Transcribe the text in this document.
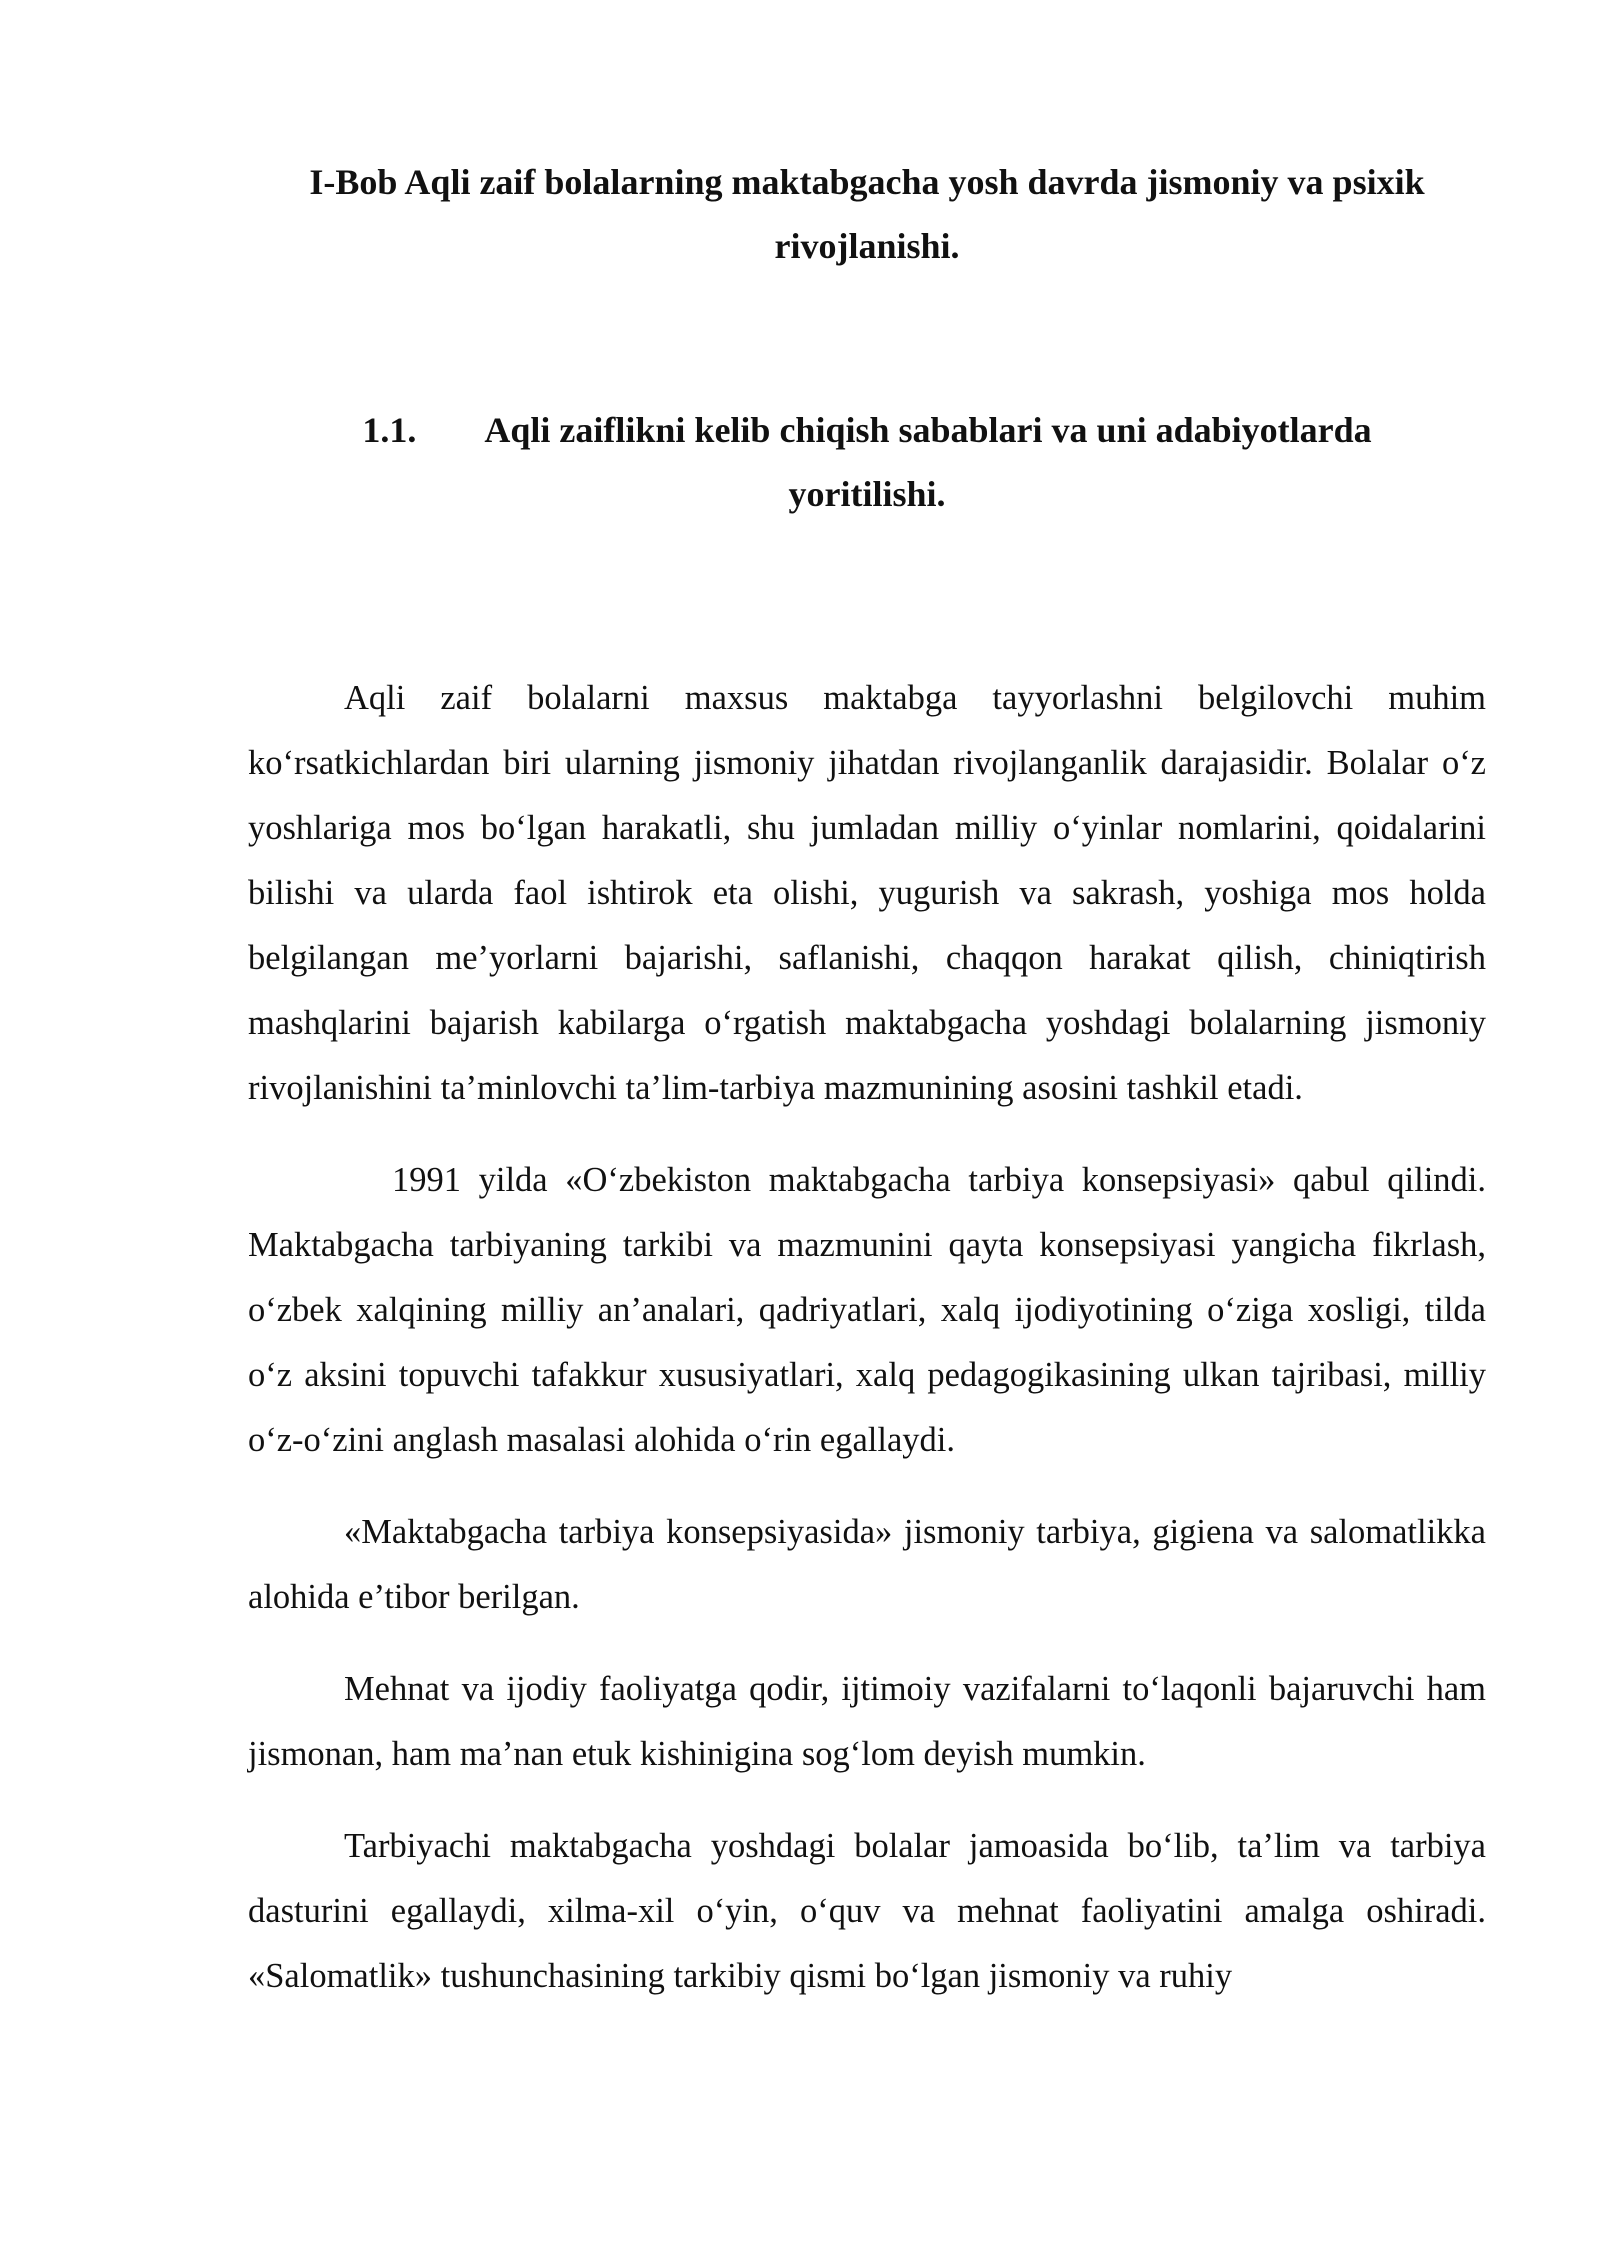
I-Bob Aqli zaif bolalarning maktabgacha yosh davrda jismoniy va psixik rivojlanishi.
1.1. Aqli zaiflikni kelib chiqish sabablari va uni adabiyotlarda yoritilishi.

Aqli zaif bolalarni maxsus maktabga tayyorlashni belgilovchi muhim ko‘rsatkichlardan biri ularning jismoniy jihatdan rivojlanganlik darajasidir. Bolalar o‘z yoshlariga mos bo‘lgan harakatli, shu jumladan milliy o‘yinlar nomlarini, qoidalarini bilishi va ularda faol ishtirok eta olishi, yugurish va sakrash, yoshiga mos holda belgilangan me’yorlarni bajarishi, saflanishi, chaqqon harakat qilish, chiniqtirish mashqlarini bajarish kabilarga o‘rgatish maktabgacha yoshdagi bolalarning jismoniy rivojlanishini ta’minlovchi ta’lim-tarbiya mazmunining asosini tashkil etadi.

1991 yilda «O‘zbekiston maktabgacha tarbiya konsepsiyasi» qabul qilindi. Maktabgacha tarbiyaning tarkibi va mazmunini qayta konsepsiyasi yangicha fikrlash, o‘zbek xalqining milliy an’analari, qadriyatlari, xalq ijodiyotining o‘ziga xosligi, tilda o‘z aksini topuvchi tafakkur xususiyatlari, xalq pedagogikasining ulkan tajribasi, milliy o‘z-o‘zini anglash masalasi alohida o‘rin egallaydi.

«Maktabgacha tarbiya konsepsiyasida» jismoniy tarbiya, gigiena va salomatlikka alohida e’tibor berilgan.

Mehnat va ijodiy faoliyatga qodir, ijtimoiy vazifalarni to‘laqonli bajaruvchi ham jismonan, ham ma’nan etuk kishinigina sog‘lom deyish mumkin.

Tarbiyachi maktabgacha yoshdagi bolalar jamoasida bo‘lib, ta’lim va tarbiya dasturini egallaydi, xilma-xil o‘yin, o‘quv va mehnat faoliyatini amalga oshiradi. «Salomatlik» tushunchasining tarkibiy qismi bo‘lgan jismoniy va ruhiy
